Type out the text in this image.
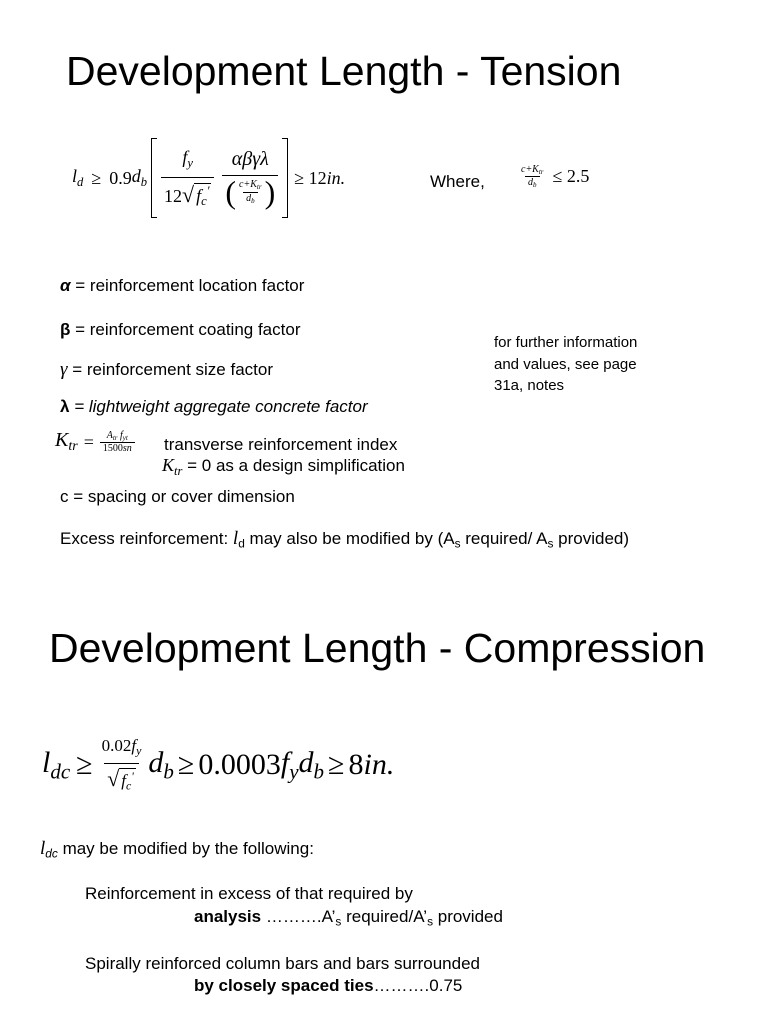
Development Length - Tension
$l_d \ge 0.9$ $d_b \frac{f_y}{12√ f_c'} \frac{\text{αβγλ}}{( \frac{c+K_{tr}}{d_b} )} \ge 12$ in.	Where,	$\frac{c+K_{tr}}{d_b} \le 2.5$
α = reinforcement location factor
β = reinforcement coating factor
γ = reinforcement size factor
λ = lightweight aggregate concrete factor
$K_{tr} = \frac{A_{tr} f_{yt}}{1500sn}$ transverse reinforcement index
$K_{tr} = 0$ as a design simplification
c = spacing or cover dimension
for further information
and values, see page
31a, notes
Excess reinforcement: $l_d$ may also be modified by ($A_s$ required/ $A_s$ provided)
Development Length - Compression
$l_{dc} \ge \frac{0.02f_y}{√ f_c'} d_b \ge 0.0003$ $f_yd_b \ge 8$ in.
$l_{dc}$ may be modified by the following:
Reinforcement in excess of that required by
analysis $\dots\dots\dots.A’_s$ required/$A’_s$ provided
Spirally reinforced column bars and bars surrounded
by closely spaced ties……….0.75
